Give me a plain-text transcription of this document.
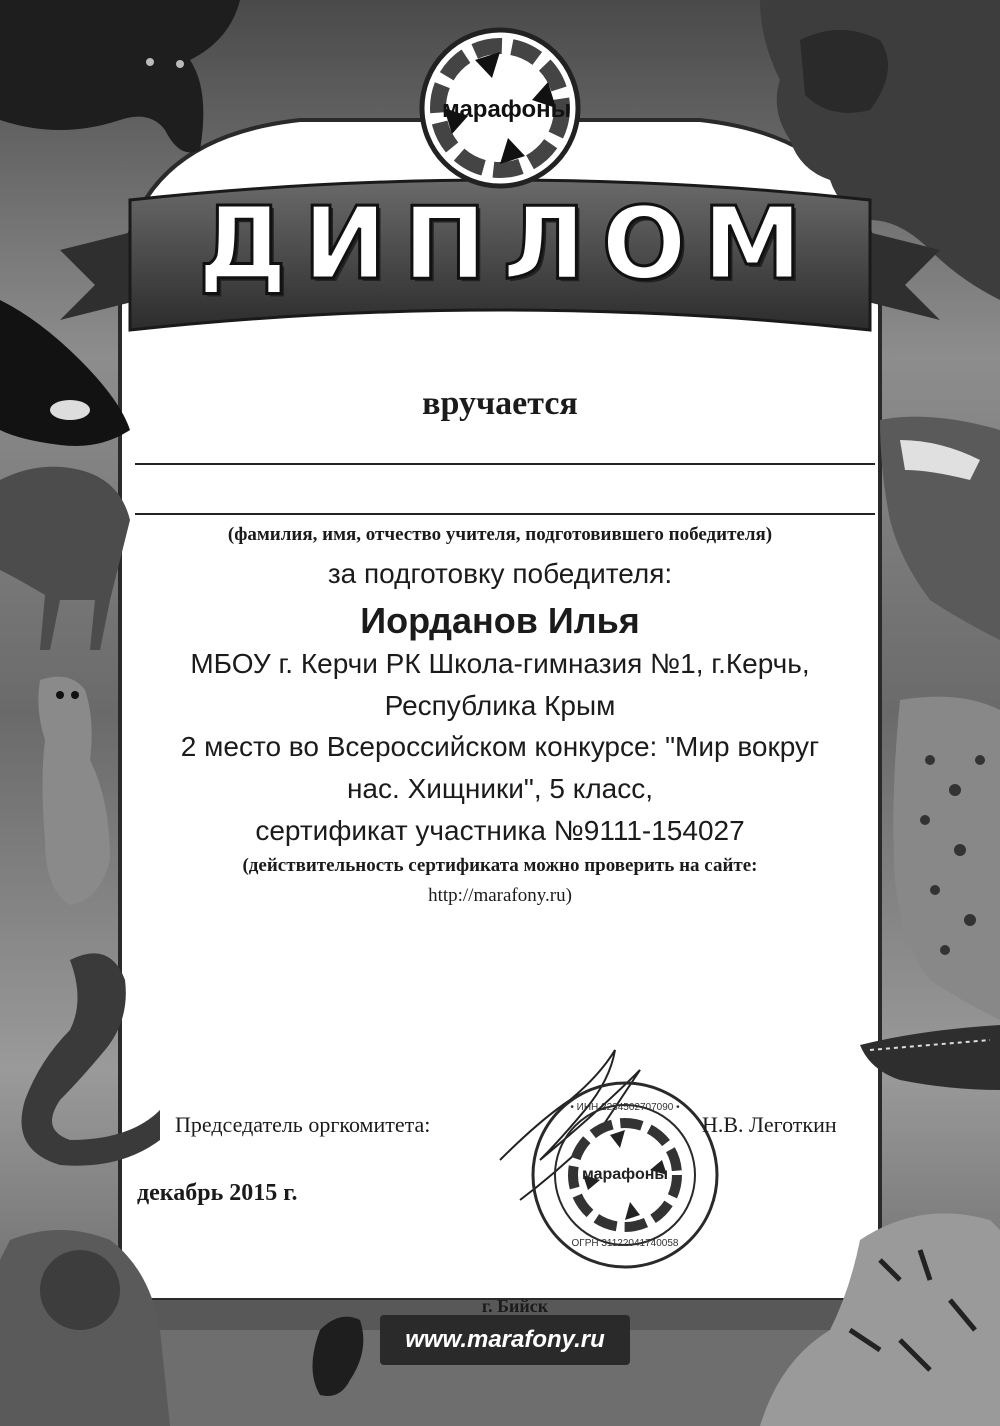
марафоны
Д И П Л О М
вручается
(фамилия, имя, отчество учителя, подготовившего победителя)
за подготовку победителя:
Иорданов Илья
МБОУ г. Керчи РК Школа-гимназия №1, г.Керчь,
Республика Крым
2 место во Всероссийском конкурсе: "Мир вокруг
нас. Хищники", 5 класс,
сертификат участника №9111-154027
(действительность сертификата можно проверить на сайте:
http://marafony.ru)
Председатель оргкомитета:	Н.В. Леготкин
декабрь 2015 г.
марафоны
• ИНН 2234502707090 •
ОГРН 31122041740058
г. Бийск
www.marafony.ru
